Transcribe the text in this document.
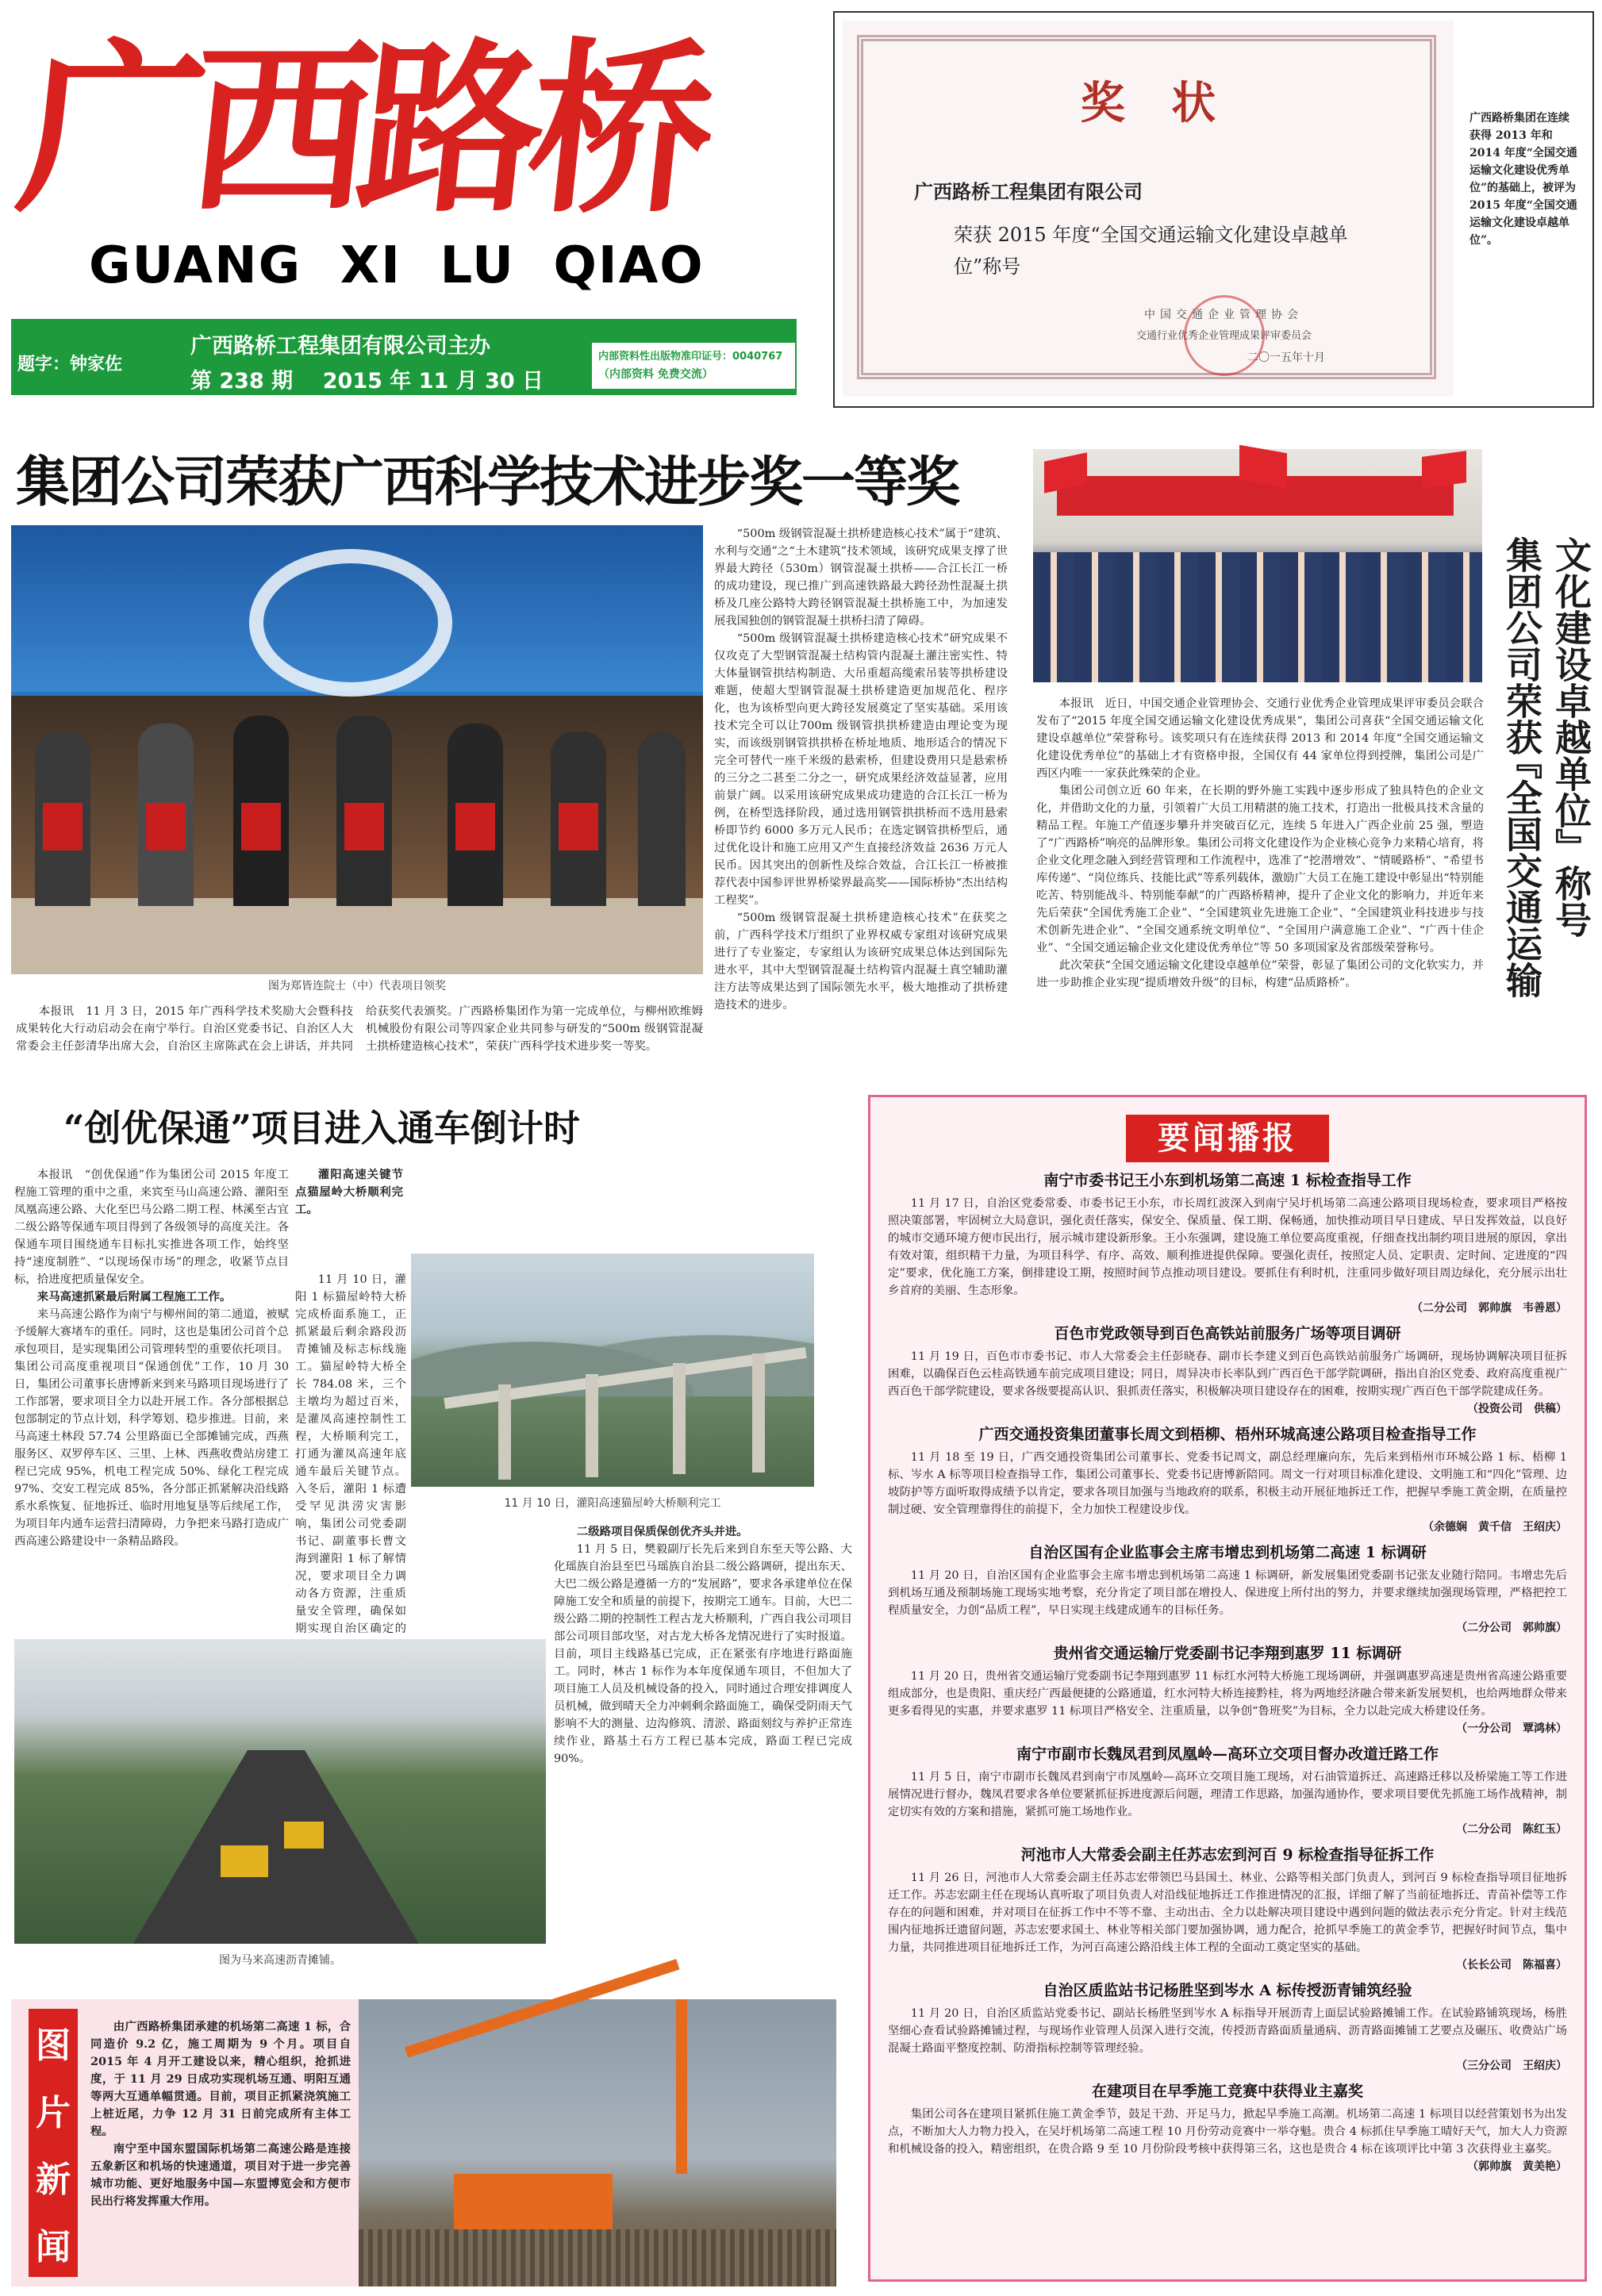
广西路桥
GUANG  XI  LU  QIAO
题字：钟家佐
广西路桥工程集团有限公司主办
第 238 期    2015 年 11 月 30 日
内部资料性出版物准印证号：0040767
（内部资料 免费交流）
奖   状
广西路桥工程集团有限公司
荣获 2015 年度“全国交通运输文化建设卓越单位”称号
中国交通企业管理协会
交通行业优秀企业管理成果评审委员会
二〇一五年十月
广西路桥集团在连续获得 2013 年和 2014 年度“全国交通运输文化建设优秀单位”的基础上，被评为 2015 年度“全国交通运输文化建设卓越单位”。
集团公司荣获广西科学技术进步奖一等奖
图为郑皆连院士（中）代表项目领奖

本报讯　11 月 3 日，2015 年广西科学技术奖励大会暨科技成果转化大行动启动会在南宁举行。自治区党委书记、自治区人大常委会主任彭清华出席大会，自治区主席陈武在会上讲话，并共同给获奖代表颁奖。广西路桥集团作为第一完成单位，与柳州欧维姆机械股份有限公司等四家企业共同参与研发的“500m 级钢管混凝土拱桥建造核心技术”，荣获广西科学技术进步奖一等奖。

“500m 级钢管混凝土拱桥建造核心技术”属于“建筑、水利与交通”之“土木建筑”技术领域，该研究成果支撑了世界最大跨径（530m）钢管混凝土拱桥——合江长江一桥的成功建设，现已推广到高速铁路最大跨径劲性混凝土拱桥及几座公路特大跨径钢管混凝土拱桥施工中，为加速发展我国独创的钢管混凝土拱桥扫清了障碍。

“500m 级钢管混凝土拱桥建造核心技术”研究成果不仅攻克了大型钢管混凝土结构管内混凝土灌注密实性、特大体量钢管拱结构制造、大吊重超高缆索吊装等拱桥建设难题，使超大型钢管混凝土拱桥建造更加规范化、程序化，也为该桥型向更大跨径发展奠定了坚实基础。采用该技术完全可以让700m 级钢管拱拱桥建造由理论变为现实，而该级别钢管拱拱桥在桥址地质、地形适合的情况下完全可替代一座千米级的悬索桥，但建设费用只是悬索桥的三分之二甚至二分之一，研究成果经济效益显著，应用前景广阔。以采用该研究成果成功建造的合江长江一桥为例，在桥型选择阶段，通过选用钢管拱拱桥而不选用悬索桥即节约 6000 多万元人民币；在选定钢管拱桥型后，通过优化设计和施工应用又产生直接经济效益 2636 万元人民币。因其突出的创新性及综合效益，合江长江一桥被推荐代表中国参评世界桥梁界最高奖——国际桥协“杰出结构工程奖”。

“500m 级钢管混凝土拱桥建造核心技术”在获奖之前，广西科学技术厅组织了业界权威专家组对该研究成果进行了专业鉴定，专家组认为该研究成果总体达到国际先进水平，其中大型钢管混凝土结构管内混凝土真空辅助灌注方法等成果达到了国际领先水平，极大地推动了拱桥建造技术的进步。

集团公司荣获 文化建设卓越单位』称号
『全国交通运输

本报讯　近日，中国交通企业管理协会、交通行业优秀企业管理成果评审委员会联合发布了“2015 年度全国交通运输文化建设优秀成果”，集团公司喜获“全国交通运输文化建设卓越单位”荣誉称号。该奖项只有在连续获得 2013 和 2014 年度“全国交通运输文化建设优秀单位”的基础上才有资格申报，全国仅有 44 家单位得到授牌，集团公司是广西区内唯一一家获此殊荣的企业。

集团公司创立近 60 年来，在长期的野外施工实践中逐步形成了独具特色的企业文化，并借助文化的力量，引领着广大员工用精湛的施工技术，打造出一批极具技术含量的精品工程。年施工产值逐步攀升并突破百亿元，连续 5 年进入广西企业前 25 强，塑造了“广西路桥”响亮的品牌形象。集团公司将文化建设作为企业核心竞争力来精心培育，将企业文化理念融入到经营管理和工作流程中，选准了“挖潜增效”、“情暖路桥”、“希望书库传递”、“岗位练兵、技能比武”等系列载体，激励广大员工在施工建设中彰显出“特别能吃苦、特别能战斗、特别能奉献”的广西路桥精神，提升了企业文化的影响力，并近年来先后荣获“全国优秀施工企业”、“全国建筑业先进施工企业”、“全国建筑业科技进步与技术创新先进企业”、“全国交通系统文明单位”、“全国用户满意施工企业”、“广西十佳企业”、“全国交通运输企业文化建设优秀单位”等 50 多项国家及省部级荣誉称号。

此次荣获“全国交通运输文化建设卓越单位”荣誉，彰显了集团公司的文化软实力，并进一步助推企业实现“提质增效升级”的目标，构建“品质路桥”。

“创优保通”项目进入通车倒计时

本报讯　“创优保通”作为集团公司 2015 年度工程施工管理的重中之重，来宾至马山高速公路、灌阳至凤凰高速公路、大化至巴马公路二期工程、林溪至古宜二级公路等保通车项目得到了各级领导的高度关注。各保通车项目围绕通车目标扎实推进各项工作，始终坚持“速度制胜”、“以现场保市场”的理念，收紧节点目标，拾进度把质量保安全。

来马高速抓紧最后附属工程施工工作。

来马高速公路作为南宁与柳州间的第二通道，被赋予缓解大赛堵车的重任。同时，这也是集团公司首个总承包项目，是实现集团公司管理转型的重要依托项目。集团公司高度重视项目“保通创优”工作，10 月 30 日，集团公司董事长唐博新来到来马路项目现场进行了工作部署，要求项目全力以赴开展工作。各分部根据总包部制定的节点计划，科学筹划、稳步推进。目前，来马高速土林段 57.74 公里路面已全部摊铺完成，西燕服务区、双罗停车区、三里、上林、西燕收费站房建工程已完成 95%，机电工程完成 50%、绿化工程完成 97%、交安工程完成 85%，各分部正抓紧解决沿线路系水系恢复、征地拆迁、临时用地复垦等后续尾工作，为项目年内通车运营扫清障碍，力争把来马路打造成广西高速公路建设中一条精品路段。

11 月 10 日，灌阳高速猫屋岭大桥顺利完工

灌阳高速关键节点猫屋岭大桥顺利完工。

11 月 10 日，灌阳 1 标猫屋岭特大桥完成桥面系施工，正抓紧最后剩余路段沥青摊铺及标志标线施工。猫屋岭特大桥全长 784.08 米，三个主墩均为超过百米，是灌凤高速控制性工程，大桥顺利完工，打通为灌凤高速年底通车最后关键节点。入冬后，灌阳 1 标遭受罕见洪涝灾害影响，集团公司党委副书记、副董事长曹文海到灌阳 1 标了解情况，要求项目全力调动各方资源，注重质量安全管理，确保如期实现自治区确定的

二级路项目保质保创优齐头并进。

11 月 5 日，樊毅副厅长先后来到自东至天等公路、大化瑶族自治县至巴马瑶族自治县二级公路调研，提出东天、大巴二级公路是遵循一方的“发展路”，要求各承建单位在保障施工安全和质量的前提下，按期完工通车。目前，大巴二级公路二期的控制性工程古龙大桥顺利，广西自我公司项目部公司项目部攻坚，对古龙大桥各龙情况进行了实时报道。目前，项目主线路基已完成，正在紧张有序地进行路面施工。同时，林古 1 标作为本年度保通车项目，不但加大了项目施工人员及机械设备的投入，同时通过合理安排调度人员机械，做到晴天全力冲刺剩余路面施工，确保受阴雨天气影响不大的测量、边沟修筑、清淤、路面刻纹与养护正常连续作业，路基土石方工程已基本完成，路面工程已完成 90%。

图为马来高速沥青摊铺。
图
片
新
闻

由广西路桥集团承建的机场第二高速 1 标，合同造价 9.2 亿，施工周期为 9 个月。项目自 2015 年 4 月开工建设以来，精心组织，抢抓进度，于 11 月 29 日成功实现机场互通、明阳互通等两大互通单幅贯通。目前，项目正抓紧浇筑施工上桩近尾，力争 12 月 31 日前完成所有主体工程。

南宁至中国东盟国际机场第二高速公路是连接五象新区和机场的快速通道，项目对于进一步完善城市功能、更好地服务中国—东盟博览会和方便市民出行将发挥重大作用。

要闻播报
南宁市委书记王小东到机场第二高速 1 标检查指导工作

11 月 17 日，自治区党委常委、市委书记王小东，市长周红波深入到南宁吴圩机场第二高速公路项目现场检查，要求项目严格按照决策部署，牢固树立大局意识，强化责任落实，保安全、保质量、保工期、保畅通，加快推动项目早日建成、早日发挥效益，以良好的城市交通环境方便市民出行，展示城市建设新形象。王小东强调，建设施工单位要高度重视，仔细查找出制约项目进展的原因，拿出有效对策，组织精干力量，为项目科学、有序、高效、顺利推进提供保障。要强化责任，按照定人员、定职责、定时间、定进度的“四定”要求，优化施工方案，倒排建设工期，按照时间节点推动项目建设。要抓住有利时机，注重同步做好项目周边绿化，充分展示出壮乡首府的美丽、生态形象。

（二分公司　郭帅旗　韦善恩）
百色市党政领导到百色高铁站前服务广场等项目调研

11 月 19 日，百色市市委书记、市人大常委会主任彭晓春、副市长李建义到百色高铁站前服务广场调研，现场协调解决项目征拆困难，以确保百色云桂高铁通车前完成项目建设；同日，周异决市长率队到广西百色干部学院调研，指出自治区党委、政府高度重视广西百色干部学院建设，要求各级要提高认识、狠抓责任落实，积极解决项目建设存在的困难，按期实现广西百色干部学院建成任务。

（投资公司　供稿）
广西交通投资集团董事长周文到梧柳、梧州环城高速公路项目检查指导工作

11 月 18 至 19 日，广西交通投资集团公司董事长、党委书记周文，副总经理廉向东，先后来到梧州市环城公路 1 标、梧柳 1 标、岑水 A 标等项目检查指导工作，集团公司董事长、党委书记唐博新陪同。周文一行对项目标准化建设、文明施工和“四化”管理、边坡防护等方面听取得成绩予以肯定，要求各项目加强与当地政府的联系，积极主动开展征地拆迁工作，把握早季施工黄金期，在质量控制过硬、安全管理靠得住的前提下，全力加快工程建设步伐。

（余德娴　黄千信　王绍庆）
自治区国有企业监事会主席韦增忠到机场第二高速 1 标调研

11 月 20 日，自治区国有企业监事会主席韦增忠到机场第二高速 1 标调研，新发展集团党委副书记张友业随行陪同。韦增忠先后到机场互通及预制场施工现场实地考察，充分肯定了项目部在增投人、保进度上所付出的努力，并要求继续加强现场管理，严格把控工程质量安全，力创“品质工程”，早日实现主线建成通车的目标任务。

（二分公司　郭帅旗）
贵州省交通运输厅党委副书记李翔到惠罗 11 标调研

11 月 20 日，贵州省交通运输厅党委副书记李翔到惠罗 11 标红水河特大桥施工现场调研，并强调惠罗高速是贵州省高速公路重要组成部分，也是贵阳、重庆经广西最便捷的公路通道，红水河特大桥连接黔桂，将为两地经济融合带来新发展契机，也给两地群众带来更多看得见的实惠，并要求惠罗 11 标项目严格安全、注重质量，以争创“鲁班奖”为目标，全力以赴完成大桥建设任务。

（一分公司　覃鸿林）
南宁市副市长魏凤君到凤凰岭—高环立交项目督办改道迁路工作

11 月 5 日，南宁市副市长魏凤君到南宁市凤凰岭—高环立交项目施工现场，对石油管道拆迁、高速路迁移以及桥梁施工等工作进展情况进行督办，魏凤君要求各单位要紧抓征拆进度源后问题，理清工作思路，加强沟通协作，要求项目要优先抓施工场作战精神，制定切实有效的方案和措施，紧抓可施工场地作业。

（二分公司　陈红玉）
河池市人大常委会副主任苏志宏到河百 9 标检查指导征拆工作

11 月 26 日，河池市人大常委会副主任苏志宏带领巴马县国土、林业、公路等相关部门负责人，到河百 9 标检查指导项目征地拆迁工作。苏志宏副主任在现场认真听取了项目负责人对沿线征地拆迁工作推进情况的汇报，详细了解了当前征地拆迁、青苗补偿等工作存在的问题和困难，并对项目在征拆工作中不等不靠、主动出击、全力以赴解决项目建设中遇到问题的做法表示充分肯定。针对主线范围内征地拆迁遗留问题，苏志宏要求国土、林业等相关部门要加强协调，通力配合，抢抓早季施工的黄金季节，把握好时间节点，集中力量，共同推进项目征地拆迁工作，为河百高速公路沿线主体工程的全面动工奠定坚实的基础。

（长长公司　陈福喜）
自治区质监站书记杨胜坚到岑水 A 标传授沥青铺筑经验

11 月 20 日，自治区质监站党委书记、副站长杨胜坚到岑水 A 标指导开展沥青上面层试验路摊铺工作。在试验路铺筑现场，杨胜坚细心查看试验路摊铺过程，与现场作业管理人员深入进行交流，传授沥青路面质量通病、沥青路面摊铺工艺要点及碾压、收费站广场混凝土路面平整度控制、防滑指标控制等管理经验。

（三分公司　王绍庆）
在建项目在早季施工竞赛中获得业主嘉奖

集团公司各在建项目紧抓住施工黄金季节，鼓足干劲、开足马力，掀起旱季施工高潮。机场第二高速 1 标项目以经营策划书为出发点，不断加大人力物力投入，在吴圩机场第二高速工程 10 月份劳动竞赛中一举夺魁。贵合 4 标抓住早季施工晴好天气，加大人力资源和机械设备的投入，精密组织，在贵合路 9 至 10 月份阶段考核中获得第三名，这也是贵合 4 标在该项评比中第 3 次获得业主嘉奖。

（郭帅旗　黄美艳）
